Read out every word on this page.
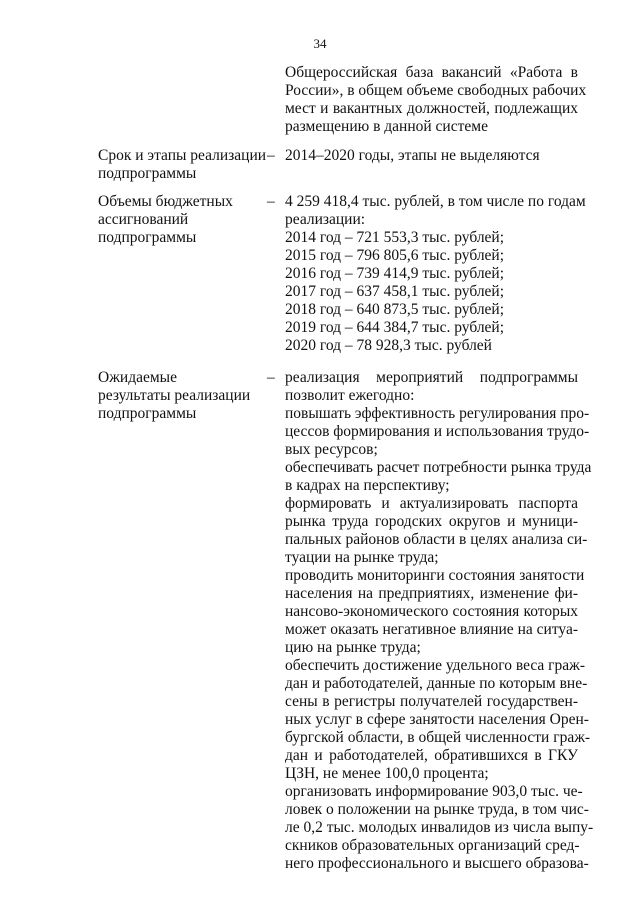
34
Общероссийская база вакансий «Работа в
России», в общем объеме свободных рабочих
мест и вакантных должностей, подлежащих
размещению в данной системе
Срок и этапы реализации
подпрограммы
– 2014–2020 годы, этапы не выделяются
Объемы бюджетных
ассигнований
подпрограммы
– 4 259 418,4 тыс. рублей, в том числе по годам
реализации:
2014 год – 721 553,3 тыс. рублей;
2015 год – 796 805,6 тыс. рублей;
2016 год – 739 414,9 тыс. рублей;
2017 год – 637 458,1 тыс. рублей;
2018 год – 640 873,5 тыс. рублей;
2019 год – 644 384,7 тыс. рублей;
2020 год – 78 928,3 тыс. рублей
Ожидаемые
результаты реализации
подпрограммы
– реализация мероприятий подпрограммы
позволит ежегодно:
повышать эффективность регулирования про-
цессов формирования и использования трудо-
вых ресурсов;
обеспечивать расчет потребности рынка труда
в кадрах на перспективу;
формировать и актуализировать паспорта
рынка труда городских округов и муници-
пальных районов области в целях анализа си-
туации на рынке труда;
проводить мониторинги состояния занятости
населения на предприятиях, изменение фи-
нансово-экономического состояния которых
может оказать негативное влияние на ситуа-
цию на рынке труда;
обеспечить достижение удельного веса граж-
дан и работодателей, данные по которым вне-
сены в регистры получателей государствен-
ных услуг в сфере занятости населения Орен-
бургской области, в общей численности граж-
дан и работодателей, обратившихся в ГКУ
ЦЗН, не менее 100,0 процента;
организовать информирование 903,0 тыс. че-
ловек о положении на рынке труда, в том чис-
ле 0,2 тыс. молодых инвалидов из числа выпу-
скников образовательных организаций сред-
него профессионального и высшего образова-
